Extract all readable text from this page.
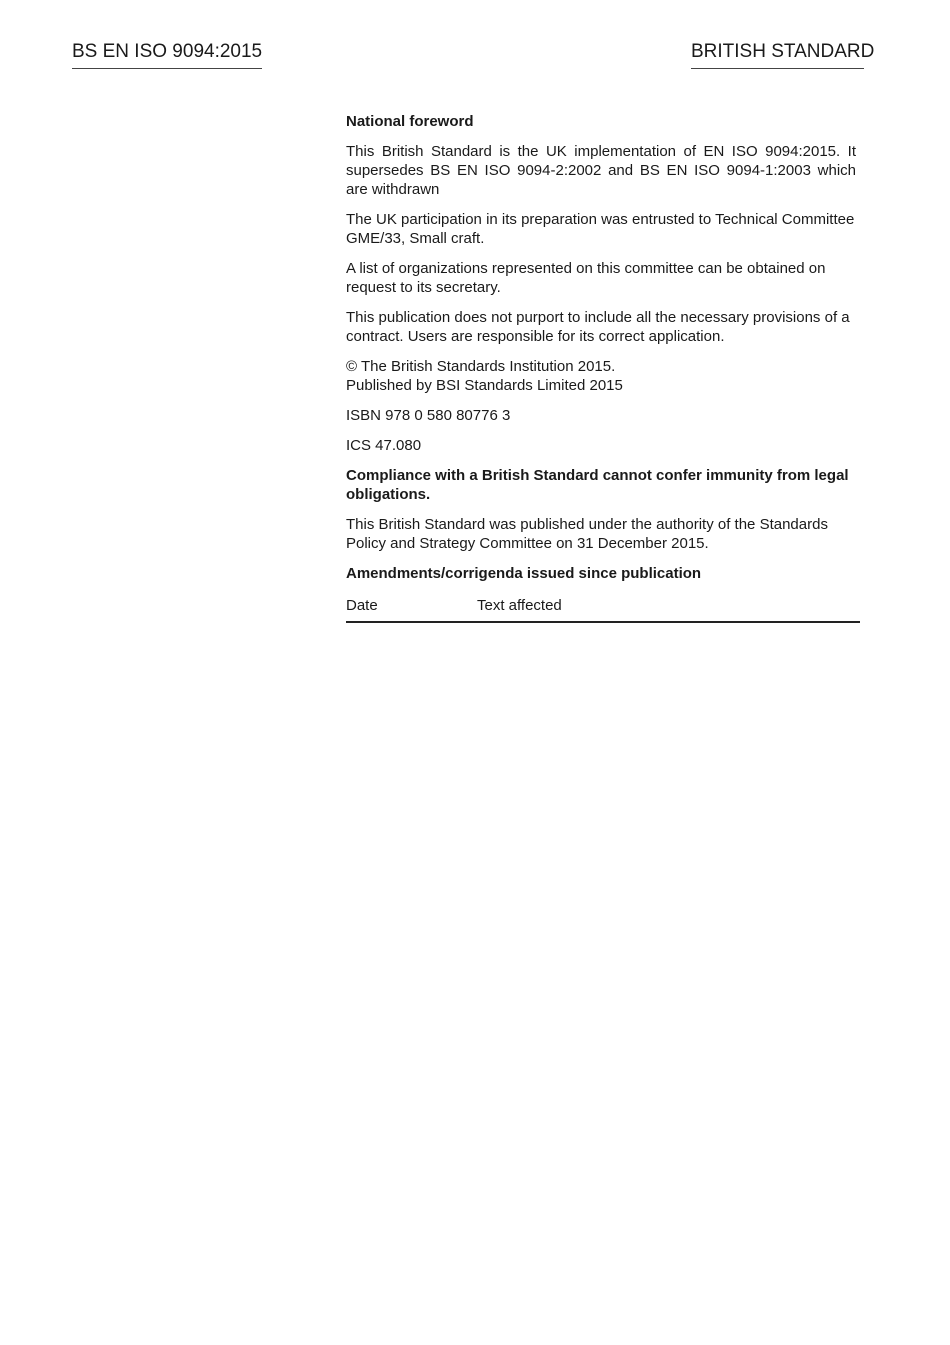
BS EN ISO 9094:2015	BRITISH STANDARD

National foreword

This British Standard is the UK implementation of EN ISO 9094:2015. It supersedes BS EN ISO 9094-2:2002 and BS EN ISO 9094-1:2003 which are withdrawn

The UK participation in its preparation was entrusted to Technical Committee GME/33, Small craft.

A list of organizations represented on this committee can be obtained on request to its secretary.

This publication does not purport to include all the necessary provisions of a contract. Users are responsible for its correct application.

© The British Standards Institution 2015.
Published by BSI Standards Limited 2015

ISBN 978 0 580 80776 3

ICS 47.080

Compliance with a British Standard cannot confer immunity from legal obligations.

This British Standard was published under the authority of the Standards Policy and Strategy Committee on 31 December 2015.

Amendments/corrigenda issued since publication

Date	Text affected
